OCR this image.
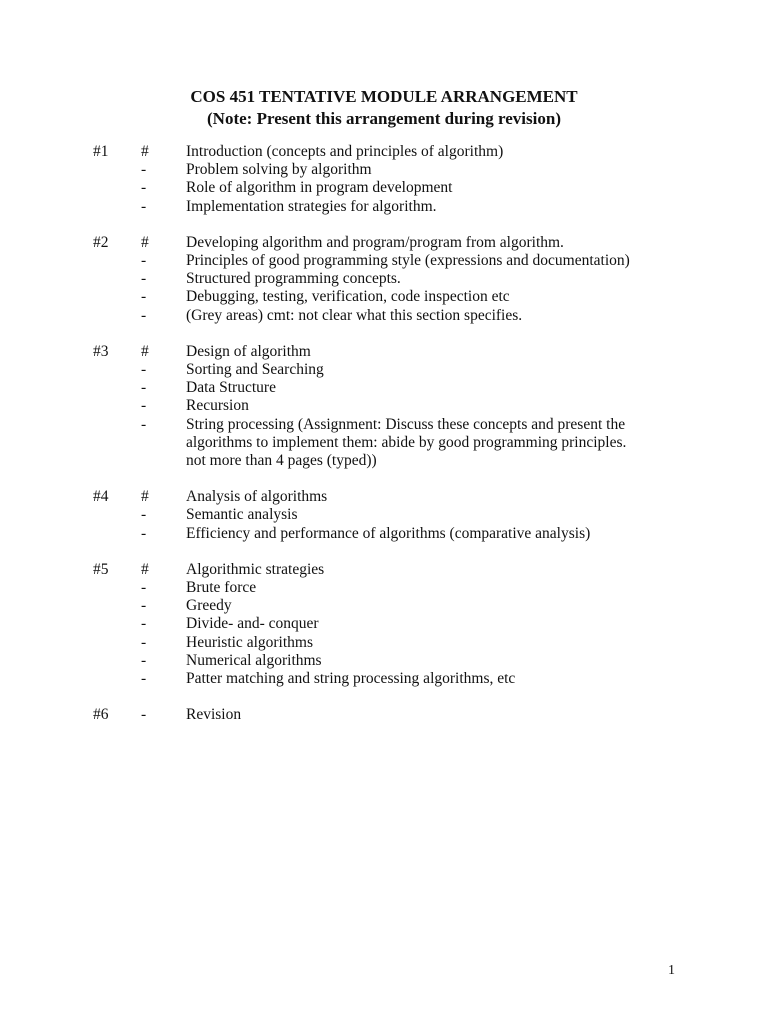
COS 451 TENTATIVE MODULE ARRANGEMENT
(Note: Present this arrangement during revision)
#1 # Introduction (concepts and principles of algorithm)
-	Problem solving by algorithm
-	Role of algorithm in program development
-	Implementation strategies for algorithm.
#2 # Developing algorithm and program/program from algorithm.
-	Principles of good programming style (expressions and documentation)
-	Structured programming concepts.
-	Debugging, testing, verification, code inspection etc
-	(Grey areas) cmt: not clear what this section specifies.
#3 # Design of algorithm
-	Sorting and Searching
-	Data Structure
-	Recursion
-	String processing (Assignment: Discuss these concepts and present the
algorithms to implement them: abide by good programming principles.
not more than 4 pages (typed))
#4 # Analysis of algorithms
-	Semantic analysis
-	Efficiency and performance of algorithms (comparative analysis)
#5 # Algorithmic strategies
-	Brute force
-	Greedy
-	Divide- and- conquer
-	Heuristic algorithms
-	Numerical algorithms
-	Patter matching and string processing algorithms, etc
#6 -	Revision
1
